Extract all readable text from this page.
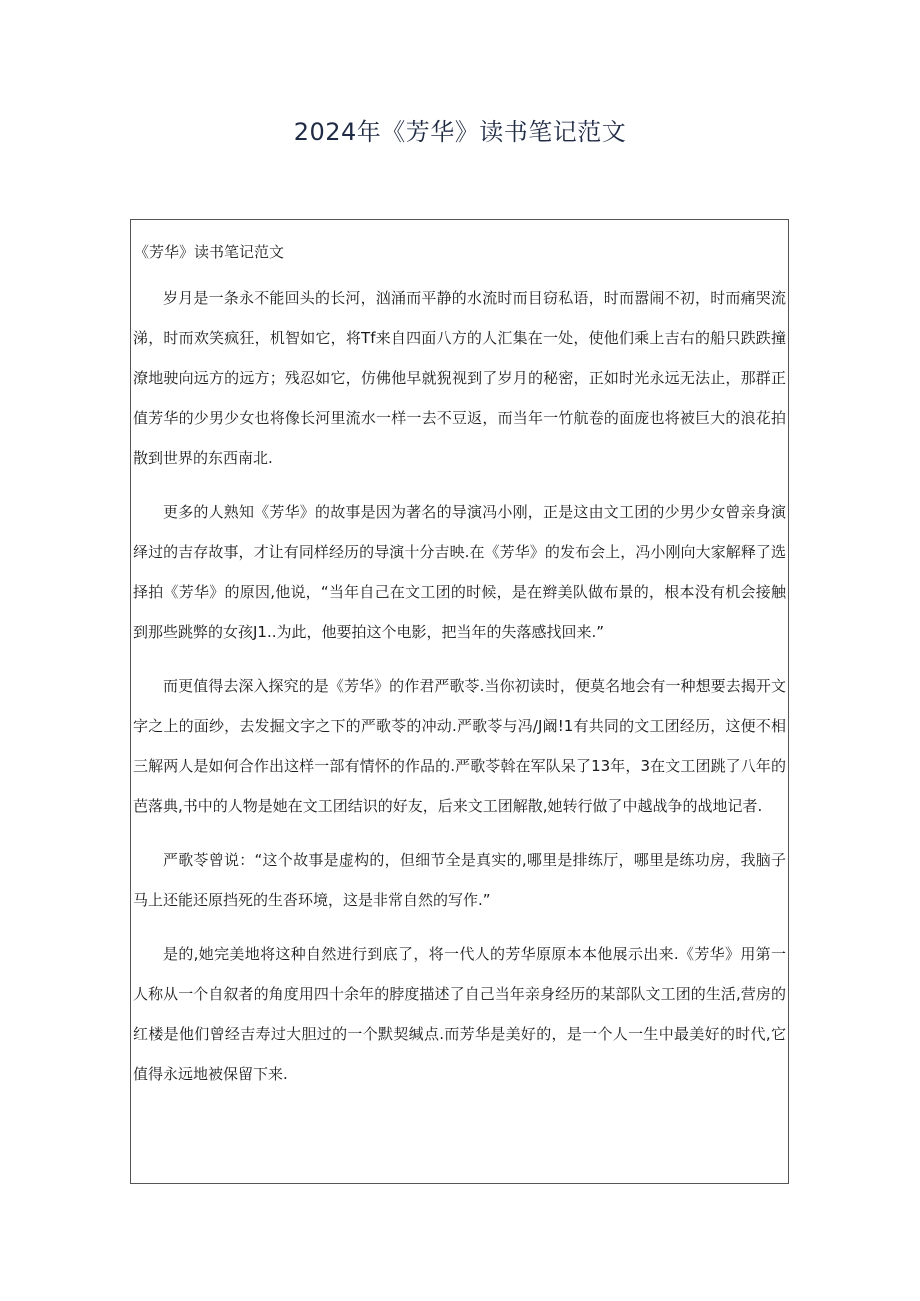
2024年《芳华》读书笔记范文
《芳华》读书笔记范文

岁月是一条永不能回头的长河，汹涌而平静的水流时而目窃私语，时而嚣闹不初，时而痛哭流涕，时而欢笑疯狂，机智如它，将Tf来自四面八方的人汇集在一处，使他们乘上吉右的船只跌跌撞潦地驶向远方的远方；残忍如它，仿佛他早就猊视到了岁月的秘密，正如时光永远无法止，那群正值芳华的少男少女也将像长河里流水一样一去不豆返，而当年一竹航卷的面庞也将被巨大的浪花拍散到世界的东西南北.

更多的人熟知《芳华》的故事是因为著名的导演冯小刚，正是这由文工团的少男少女曾亲身演绎过的吉存故事，才让有同样经历的导演十分吉映.在《芳华》的发布会上，冯小刚向大家解释了选择拍《芳华》的原因,他说，“当年自己在文工团的时候，是在辫美队做布景的，根本没有机会接触到那些跳弊的女孩J1..为此，他要拍这个电影，把当年的失落感找回来.”

而更值得去深入探究的是《芳华》的作君严歌苓.当你初读时，便莫名地会有一种想要去揭开文字之上的面纱，去发掘文字之下的严歌苓的冲动.严歌苓与冯/J阚!1有共同的文工团经历，这便不相三解两人是如何合作出这样一部有情怀的作品的.严歌苓斡在军队呆了13年，3在文工团跳了八年的芭落典,书中的人物是她在文工团结识的好友，后来文工团解散,她转行做了中越战争的战地记者.

严歌苓曾说：“这个故事是虚构的，但细节全是真实的,哪里是排练厅，哪里是练功房，我脑子马上还能还原挡死的生沓环境，这是非常自然的写作.”

是的,她完美地将这种自然进行到底了，将一代人的芳华原原本本他展示出来.《芳华》用第一人称从一个自叙者的角度用四十余年的脖度描述了自己当年亲身经历的某部队文工团的生活,营房的红楼是他们曾经吉寿过大胆过的一个默契缄点.而芳华是美好的，是一个人一生中最美好的时代,它值得永远地被保留下来.
